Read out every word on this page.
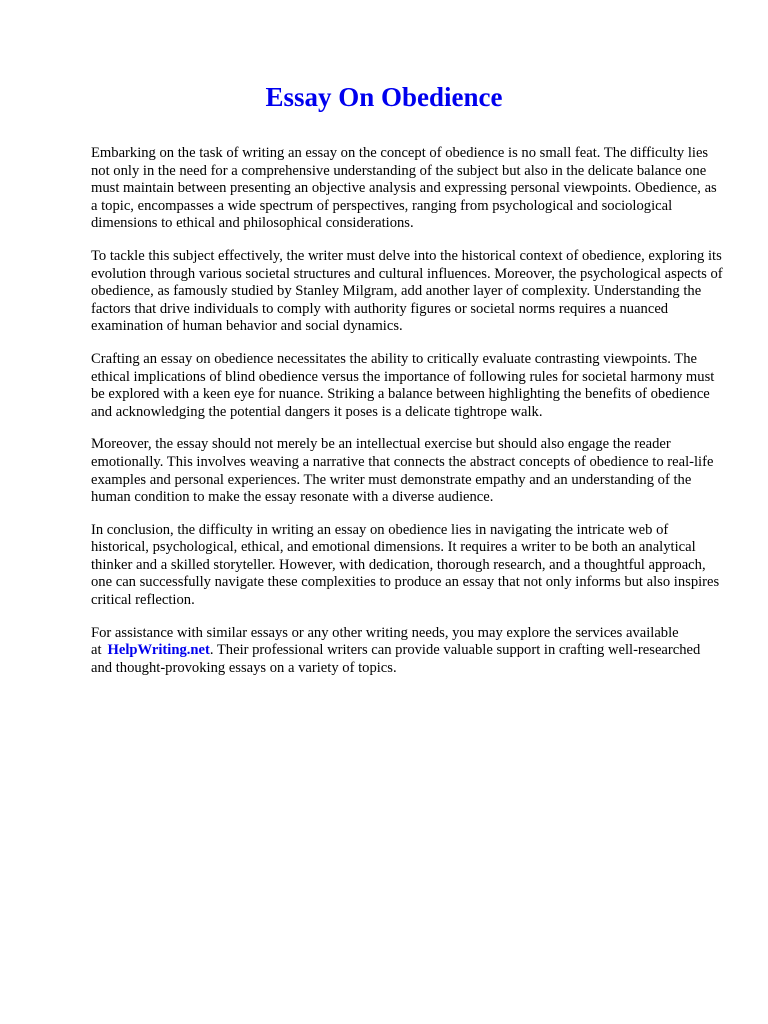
Essay On Obedience

Embarking on the task of writing an essay on the concept of obedience is no small feat. The difficulty lies not only in the need for a comprehensive understanding of the subject but also in the delicate balance one must maintain between presenting an objective analysis and expressing personal viewpoints. Obedience, as a topic, encompasses a wide spectrum of perspectives, ranging from psychological and sociological dimensions to ethical and philosophical considerations.

To tackle this subject effectively, the writer must delve into the historical context of obedience, exploring its evolution through various societal structures and cultural influences. Moreover, the psychological aspects of obedience, as famously studied by Stanley Milgram, add another layer of complexity. Understanding the factors that drive individuals to comply with authority figures or societal norms requires a nuanced examination of human behavior and social dynamics.

Crafting an essay on obedience necessitates the ability to critically evaluate contrasting viewpoints. The ethical implications of blind obedience versus the importance of following rules for societal harmony must be explored with a keen eye for nuance. Striking a balance between highlighting the benefits of obedience and acknowledging the potential dangers it poses is a delicate tightrope walk.

Moreover, the essay should not merely be an intellectual exercise but should also engage the reader emotionally. This involves weaving a narrative that connects the abstract concepts of obedience to real-life examples and personal experiences. The writer must demonstrate empathy and an understanding of the human condition to make the essay resonate with a diverse audience.

In conclusion, the difficulty in writing an essay on obedience lies in navigating the intricate web of historical, psychological, ethical, and emotional dimensions. It requires a writer to be both an analytical thinker and a skilled storyteller. However, with dedication, thorough research, and a thoughtful approach, one can successfully navigate these complexities to produce an essay that not only informs but also inspires critical reflection.

For assistance with similar essays or any other writing needs, you may explore the services available at HelpWriting.net. Their professional writers can provide valuable support in crafting well-researched and thought-provoking essays on a variety of topics.
